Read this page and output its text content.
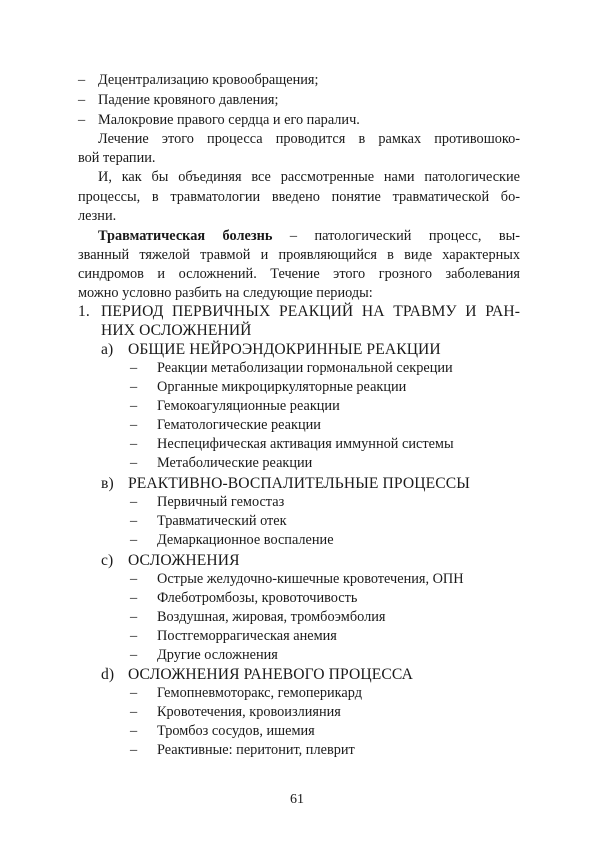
– Децентрализацию кровообращения;
– Падение кровяного давления;
– Малокровие правого сердца и его паралич.
Лечение этого процесса проводится в рамках противошоко-
вой терапии.
И, как бы объединяя все рассмотренные нами патологические
процессы, в травматологии введено понятие травматической бо-
лезни.
Травматическая болезнь – патологический процесс, вы-
званный тяжелой травмой и проявляющийся в виде характерных
синдромов и осложнений. Течение этого грозного заболевания
можно условно разбить на следующие периоды:
1. ПЕРИОД ПЕРВИЧНЫХ РЕАКЦИЙ НА ТРАВМУ И РАН-
НИХ ОСЛОЖНЕНИЙ
а) ОБЩИЕ НЕЙРОЭНДОКРИННЫЕ РЕАКЦИИ
– Реакции метаболизации гормональной секреции
– Органные микроциркуляторные реакции
– Гемокоагуляционные реакции
– Гематологические реакции
– Неспецифическая активация иммунной системы
– Метаболические реакции
в) РЕАКТИВНО-ВОСПАЛИТЕЛЬНЫЕ ПРОЦЕССЫ
– Первичный гемостаз
– Травматический отек
– Демаркационное воспаление
c) ОСЛОЖНЕНИЯ
– Острые желудочно-кишечные кровотечения, ОПН
– Флеботромбозы, кровоточивость
– Воздушная, жировая, тромбоэмболия
– Постгеморрагическая анемия
– Другие осложнения
d) ОСЛОЖНЕНИЯ РАНЕВОГО ПРОЦЕССА
– Гемопневмоторакс, гемоперикард
– Кровотечения, кровоизлияния
– Тромбоз сосудов, ишемия
– Реактивные: перитонит, плеврит
61
